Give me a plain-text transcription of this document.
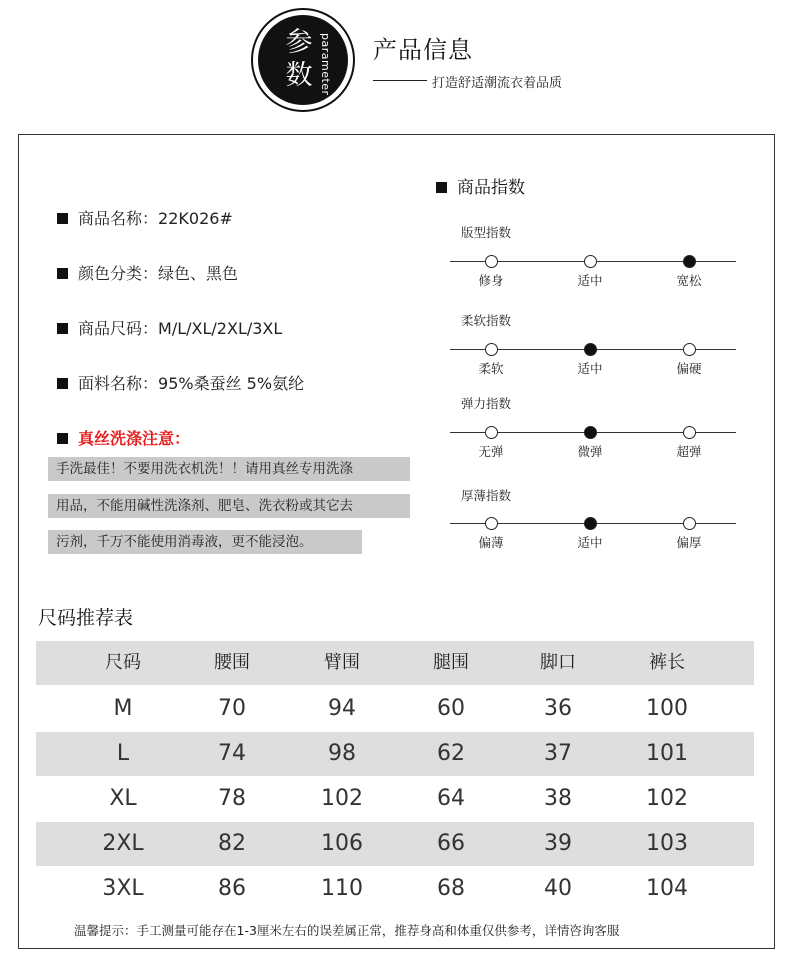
参数 parameter 产品信息
打造舒适潮流衣着品质
商品名称：22K026#
颜色分类：绿色、黑色
商品尺码：M/L/XL/2XL/3XL
面料名称：95%桑蚕丝 5%氨纶
真丝洗涤注意：
手洗最佳！不要用洗衣机洗！！请用真丝专用洗涤
用品，不能用碱性洗涤剂、肥皂、洗衣粉或其它去
污剂，千万不能使用消毒液，更不能浸泡。
商品指数
版型指数
修身	适中	宽松
柔软指数
柔软	适中	偏硬
弹力指数
无弹	微弹	超弹
厚薄指数
偏薄	适中	偏厚
尺码推荐表
尺码	腰围	臂围	腿围	脚口	裤长
M	70	94	60	36	100
L	74	98	62	37	101
XL	78	102	64	38	102
2XL	82	106	66	39	103
3XL	86	110	68	40	104
温馨提示：手工测量可能存在1-3厘米左右的误差属正常，推荐身高和体重仅供参考，详情咨询客服
